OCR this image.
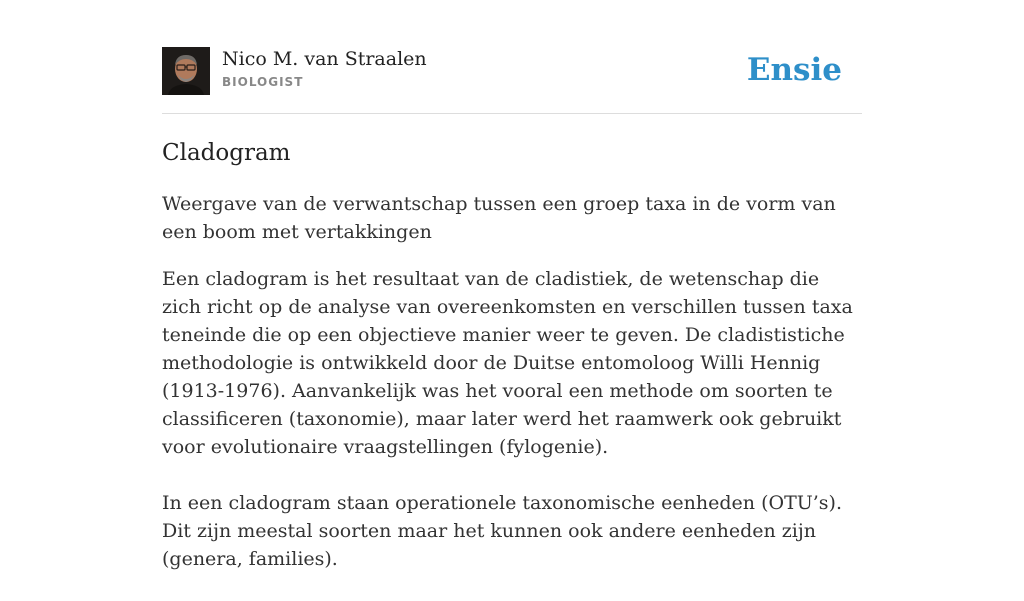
Nico M. van Straalen
BIOLOGIST	Ensie
Cladogram

Weergave van de verwantschap tussen een groep taxa in de vorm van een boom met vertakkingen

Een cladogram is het resultaat van de cladistiek, de wetenschap die zich richt op de analyse van overeenkomsten en verschillen tussen taxa teneinde die op een objectieve manier weer te geven. De cladististiche methodologie is ontwikkeld door de Duitse entomoloog Willi Hennig (1913-1976). Aanvankelijk was het vooral een methode om soorten te classificeren (taxonomie), maar later werd het raamwerk ook gebruikt voor evolutionaire vraagstellingen (fylogenie).

In een cladogram staan operationele taxonomische eenheden (OTU’s). Dit zijn meestal soorten maar het kunnen ook andere eenheden zijn (genera, families).
